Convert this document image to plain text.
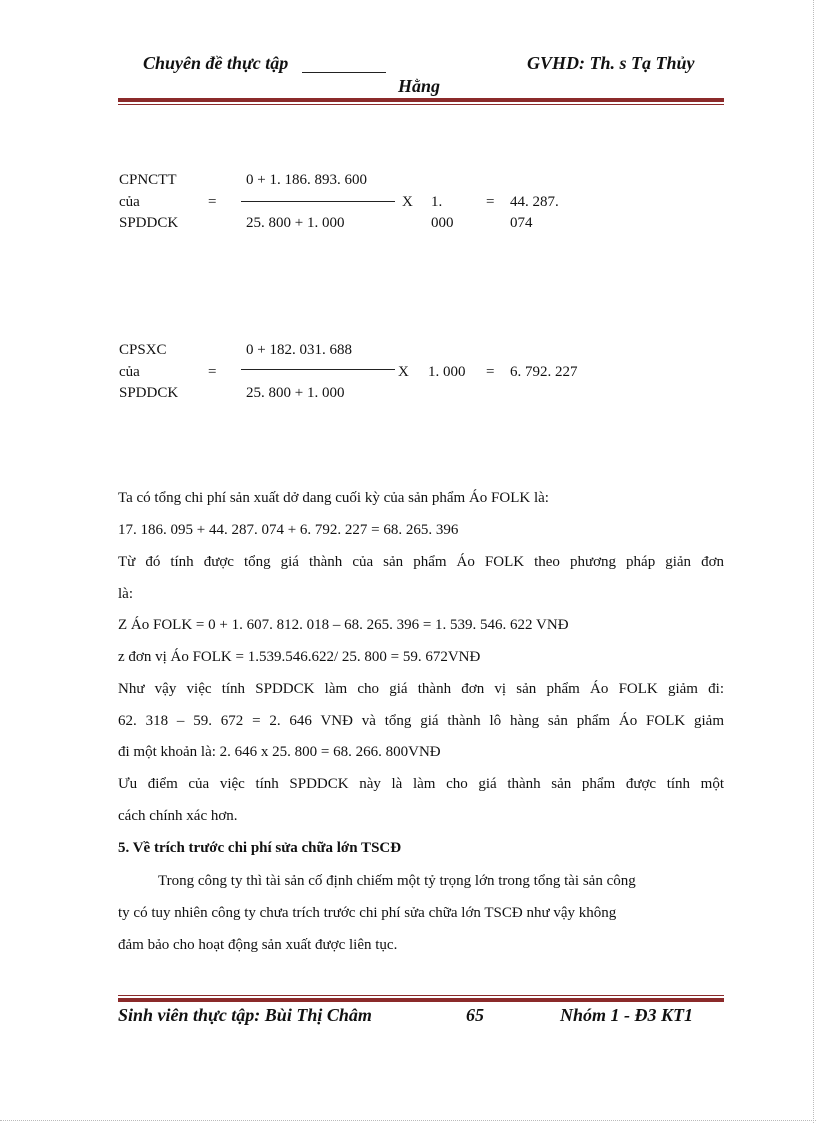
Chuyên đề thực tập	GVHD: Th. s Tạ Thủy
Hằng
CPNCTT
của
SPDDCK
=
0 + 1. 186. 893. 600
25. 800 + 1. 000
X 1.
000
= 44. 287.
074
CPSXC
của
SPDDCK
=
0 + 182. 031. 688
25. 800 + 1. 000
X 1. 000 = 6. 792. 227
Ta có tổng chi phí sản xuất dở dang cuối kỳ của sản phẩm Áo FOLK là:
17. 186. 095 + 44. 287. 074 + 6. 792. 227 = 68. 265. 396
Từ đó tính được tổng giá thành của sản phẩm Áo FOLK theo phương pháp giản đơn
là:
Z Áo FOLK = 0 + 1. 607. 812. 018 – 68. 265. 396 = 1. 539. 546. 622 VNĐ
z đơn vị Áo FOLK = 1.539.546.622/ 25. 800 = 59. 672VNĐ
Như vậy việc tính SPDDCK làm cho giá thành đơn vị sản phẩm Áo FOLK giảm đi:
62. 318 – 59. 672 = 2. 646 VNĐ và tổng giá thành lô hàng sản phẩm Áo FOLK giảm
đi một khoản là: 2. 646 x 25. 800 = 68. 266. 800VNĐ
Ưu điểm của việc tính SPDDCK này là làm cho giá thành sản phẩm được tính một
cách chính xác hơn.
5. Về trích trước chi phí sửa chữa lớn TSCĐ
Trong công ty thì tài sản cố định chiếm một tỷ trọng lớn trong tổng tài sản công
ty có tuy nhiên công ty chưa trích trước chi phí sửa chữa lớn TSCĐ như vậy không
đảm bảo cho hoạt động sản xuất được liên tục.
Sinh viên thực tập: Bùi Thị Châm	65	Nhóm 1 - Đ3 KT1
